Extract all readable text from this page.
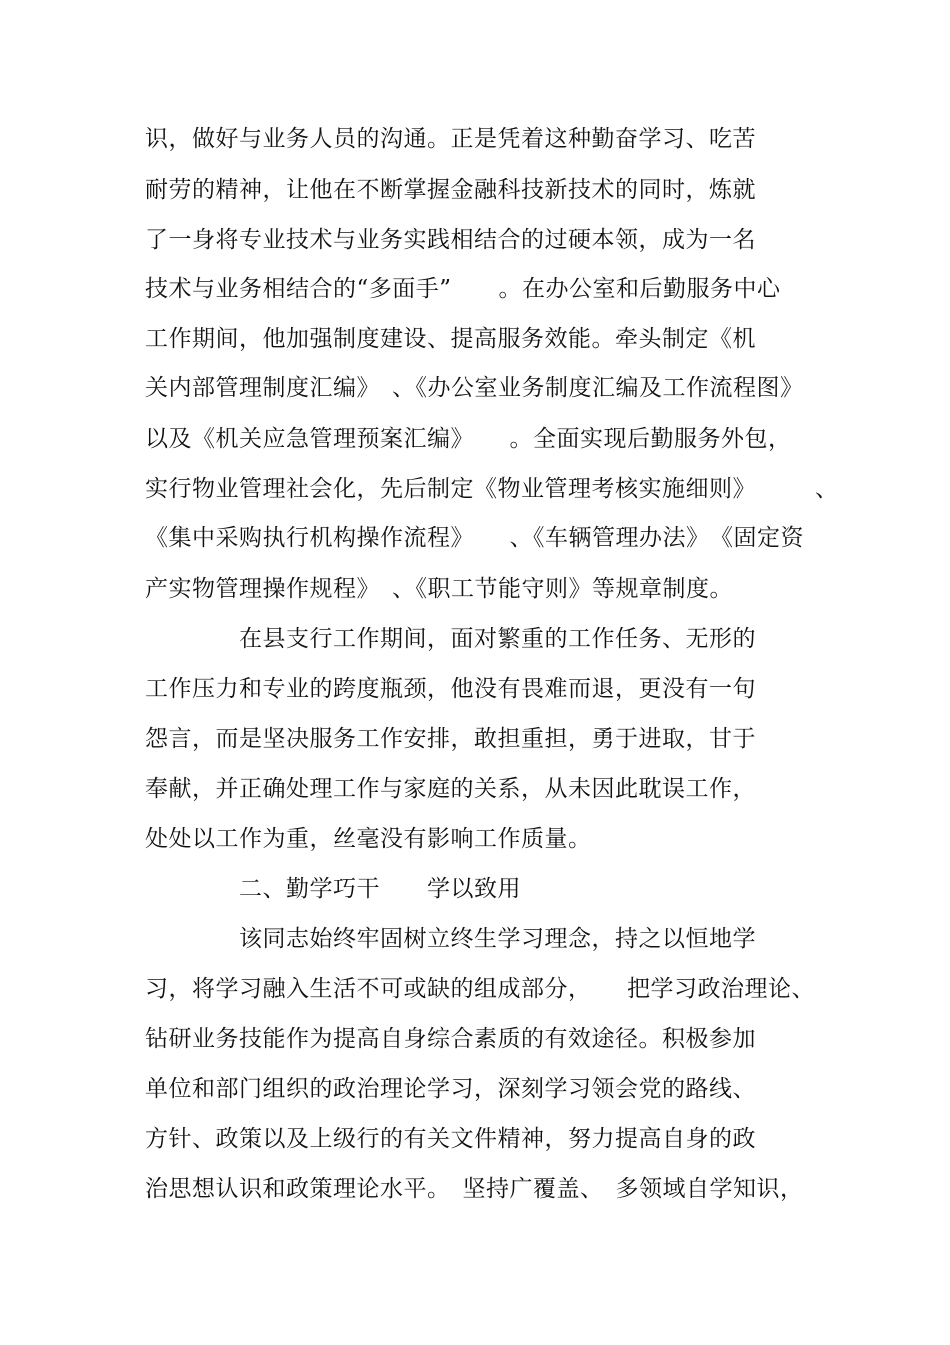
识，做好与业务人员的沟通。正是凭着这种勤奋学习、吃苦
耐劳的精神，让他在不断掌握金融科技新技术的同时，炼就
了一身将专业技术与业务实践相结合的过硬本领，成为一名
技术与业务相结合的“多面手”　　。在办公室和后勤服务中心
工作期间，他加强制度建设、提高服务效能。牵头制定《机
关内部管理制度汇编》　、《办公室业务制度汇编及工作流程图》
以及《机关应急管理预案汇编》　　。全面实现后勤服务外包，
实行物业管理社会化，先后制定《物业管理考核实施细则》　　　、
《集中采购执行机构操作流程》　　、《车辆管理办法》　《固定资
产实物管理操作规程》　、《职工节能守则》等规章制度。
　　　　在县支行工作期间，面对繁重的工作任务、无形的
工作压力和专业的跨度瓶颈，他没有畏难而退，更没有一句
怨言，而是坚决服务工作安排，敢担重担，勇于进取，甘于
奉献，并正确处理工作与家庭的关系，从未因此耽误工作，
处处以工作为重，丝毫没有影响工作质量。
　　　　二、勤学巧干　　学以致用
　　　　该同志始终牢固树立终生学习理念，持之以恒地学
习，将学习融入生活不可或缺的组成部分，　　把学习政治理论、
钻研业务技能作为提高自身综合素质的有效途径。积极参加
单位和部门组织的政治理论学习，深刻学习领会党的路线、
方针、政策以及上级行的有关文件精神，努力提高自身的政
治思想认识和政策理论水平。　坚持广覆盖、　多领域自学知识，
